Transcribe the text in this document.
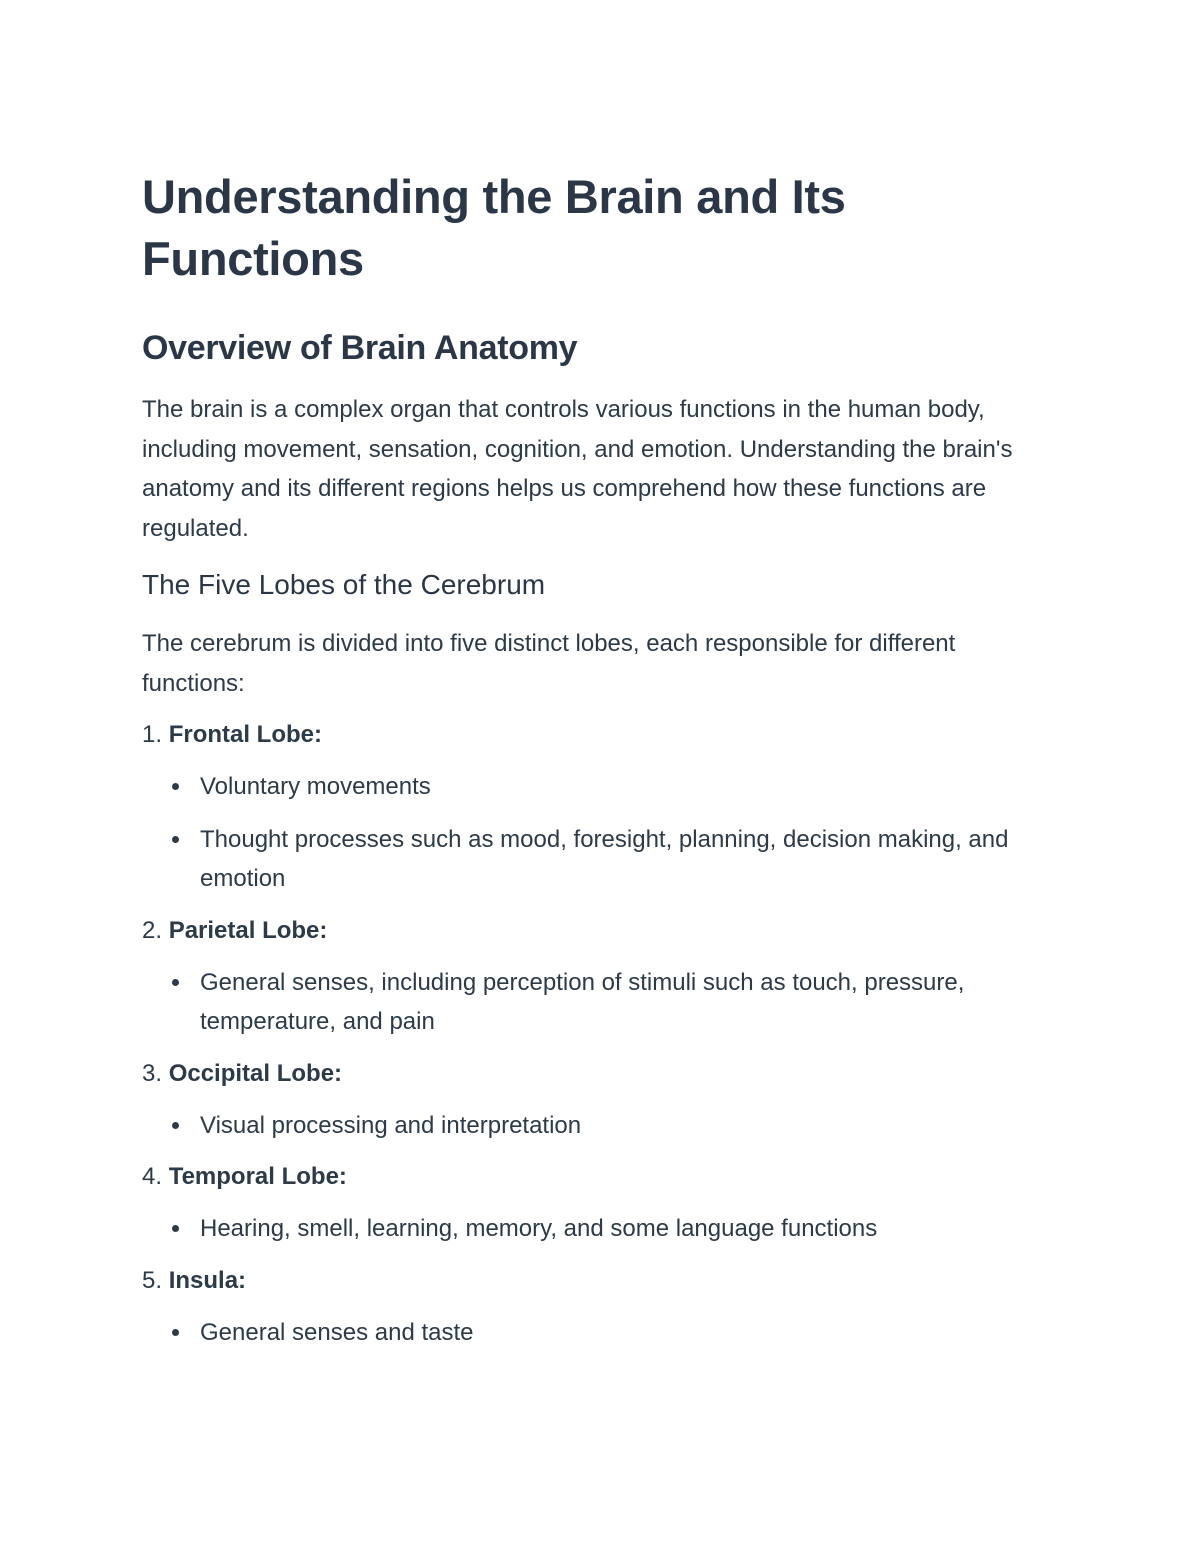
Understanding the Brain and Its Functions
Overview of Brain Anatomy

The brain is a complex organ that controls various functions in the human body, including movement, sensation, cognition, and emotion. Understanding the brain's anatomy and its different regions helps us comprehend how these functions are regulated.

The Five Lobes of the Cerebrum

The cerebrum is divided into five distinct lobes, each responsible for different functions:

1. Frontal Lobe:
Voluntary movements
Thought processes such as mood, foresight, planning, decision making, and emotion
2. Parietal Lobe:
General senses, including perception of stimuli such as touch, pressure, temperature, and pain
3. Occipital Lobe:
Visual processing and interpretation
4. Temporal Lobe:
Hearing, smell, learning, memory, and some language functions
5. Insula:
General senses and taste
